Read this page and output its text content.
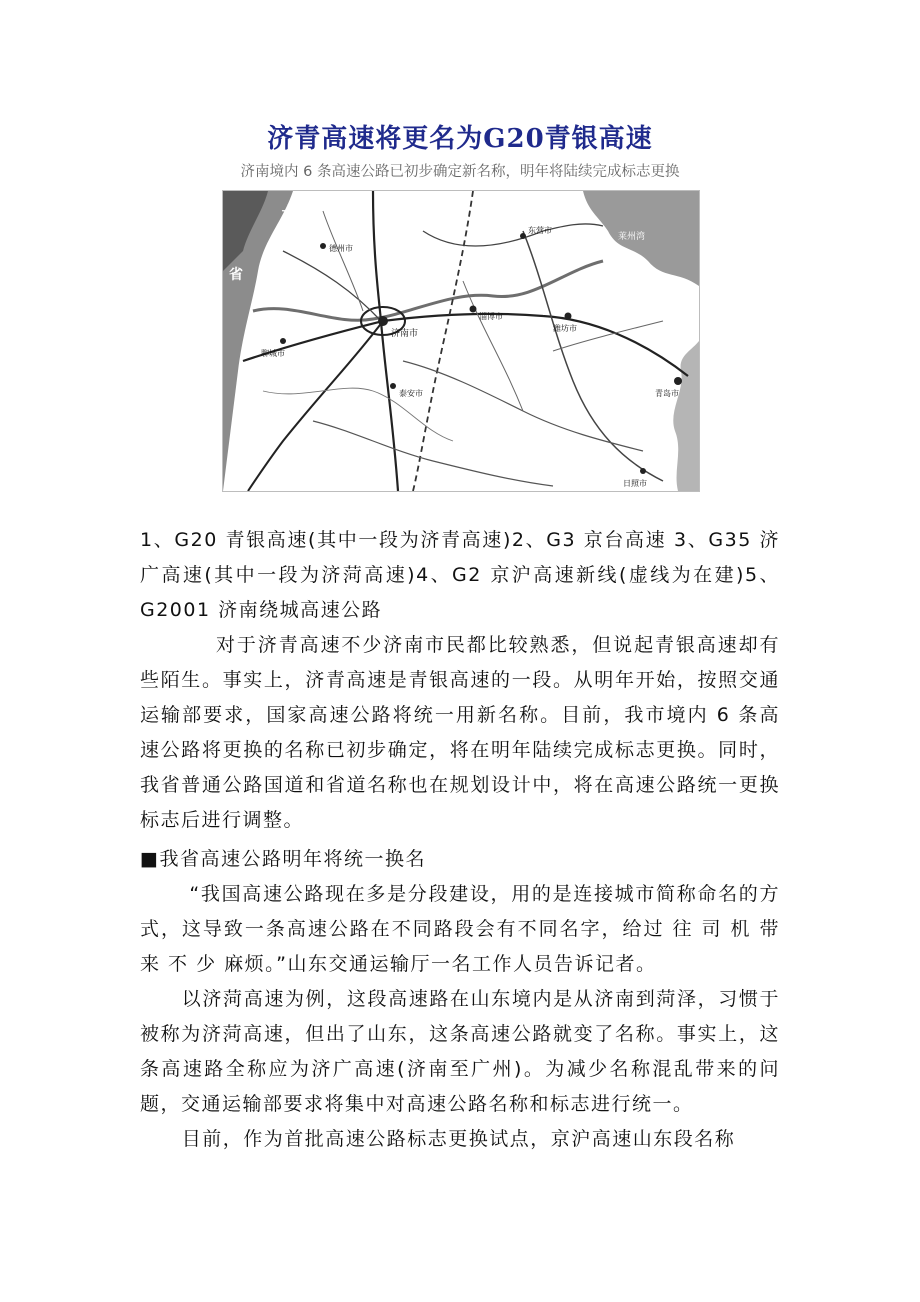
济青高速将更名为G20青银高速
济南境内 6 条高速公路已初步确定新名称，明年将陆续完成标志更换
北
省
济南市
淄博市
潍坊市
东营市
青岛市
莱州湾
德州市
聊城市
泰安市
日照市

1、G20 青银高速(其中一段为济青高速)2、G3 京台高速 3、G35 济广高速(其中一段为济菏高速)4、G2 京沪高速新线(虚线为在建)5、G2001 济南绕城高速公路

对于济青高速不少济南市民都比较熟悉，但说起青银高速却有些陌生。事实上，济青高速是青银高速的一段。从明年开始，按照交通运输部要求，国家高速公路将统一用新名称。目前，我市境内 6 条高速公路将更换的名称已初步确定，将在明年陆续完成标志更换。同时，我省普通公路国道和省道名称也在规划设计中，将在高速公路统一更换标志后进行调整。

■我省高速公路明年将统一换名

“我国高速公路现在多是分段建设，用的是连接城市简称命名的方式，这导致一条高速公路在不同路段会有不同名字，给过 往 司 机 带 来 不 少 麻烦。”山东交通运输厅一名工作人员告诉记者。

以济菏高速为例，这段高速路在山东境内是从济南到菏泽，习惯于被称为济菏高速，但出了山东，这条高速公路就变了名称。事实上，这条高速路全称应为济广高速(济南至广州)。为减少名称混乱带来的问题，交通运输部要求将集中对高速公路名称和标志进行统一。

目前，作为首批高速公路标志更换试点，京沪高速山东段名称
